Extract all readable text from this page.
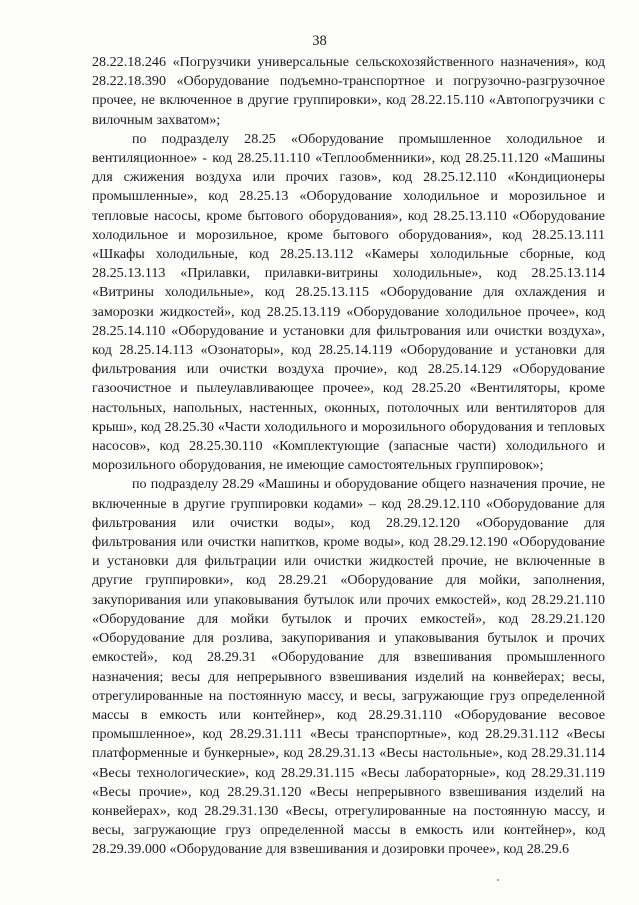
38

28.22.18.246 «Погрузчики универсальные сельскохозяйственного назначения», код 28.22.18.390 «Оборудование подъемно-транспортное и погрузочно-разгрузочное прочее, не включенное в другие группировки», код 28.22.15.110 «Автопогрузчики с вилочным захватом»;

по подразделу 28.25 «Оборудование промышленное холодильное и вентиляционное» - код 28.25.11.110 «Теплообменники», код 28.25.11.120 «Машины для сжижения воздуха или прочих газов», код 28.25.12.110 «Кондиционеры промышленные», код 28.25.13 «Оборудование холодильное и морозильное и тепловые насосы, кроме бытового оборудования», код 28.25.13.110 «Оборудование холодильное и морозильное, кроме бытового оборудования», код 28.25.13.111 «Шкафы холодильные, код 28.25.13.112 «Камеры холодильные сборные, код 28.25.13.113 «Прилавки, прилавки-витрины холодильные», код 28.25.13.114 «Витрины холодильные», код 28.25.13.115 «Оборудование для охлаждения и заморозки жидкостей», код 28.25.13.119 «Оборудование холодильное прочее», код 28.25.14.110 «Оборудование и установки для фильтрования или очистки воздуха», код 28.25.14.113 «Озонаторы», код 28.25.14.119 «Оборудование и установки для фильтрования или очистки воздуха прочие», код 28.25.14.129 «Оборудование газоочистное и пылеулавливающее прочее», код 28.25.20 «Вентиляторы, кроме настольных, напольных, настенных, оконных, потолочных или вентиляторов для крыш», код 28.25.30 «Части холодильного и морозильного оборудования и тепловых насосов», код 28.25.30.110 «Комплектующие (запасные части) холодильного и морозильного оборудования, не имеющие самостоятельных группировок»;

по подразделу 28.29 «Машины и оборудование общего назначения прочие, не включенные в другие группировки кодами» – код 28.29.12.110 «Оборудование для фильтрования или очистки воды», код 28.29.12.120 «Оборудование для фильтрования или очистки напитков, кроме воды», код 28.29.12.190 «Оборудование и установки для фильтрации или очистки жидкостей прочие, не включенные в другие группировки», код 28.29.21 «Оборудование для мойки, заполнения, закупоривания или упаковывания бутылок или прочих емкостей», код 28.29.21.110 «Оборудование для мойки бутылок и прочих емкостей», код 28.29.21.120 «Оборудование для розлива, закупоривания и упаковывания бутылок и прочих емкостей», код 28.29.31 «Оборудование для взвешивания промышленного назначения; весы для непрерывного взвешивания изделий на конвейерах; весы, отрегулированные на постоянную массу, и весы, загружающие груз определенной массы в емкость или контейнер», код 28.29.31.110 «Оборудование весовое промышленное», код 28.29.31.111 «Весы транспортные», код 28.29.31.112 «Весы платформенные и бункерные», код 28.29.31.13 «Весы настольные», код 28.29.31.114 «Весы технологические», код 28.29.31.115 «Весы лабораторные», код 28.29.31.119 «Весы прочие», код 28.29.31.120 «Весы непрерывного взвешивания изделий на конвейерах», код 28.29.31.130 «Весы, отрегулированные на постоянную массу, и весы, загружающие груз определенной массы в емкость или контейнер», код 28.29.39.000 «Оборудование для взвешивания и дозировки прочее», код 28.29.6
